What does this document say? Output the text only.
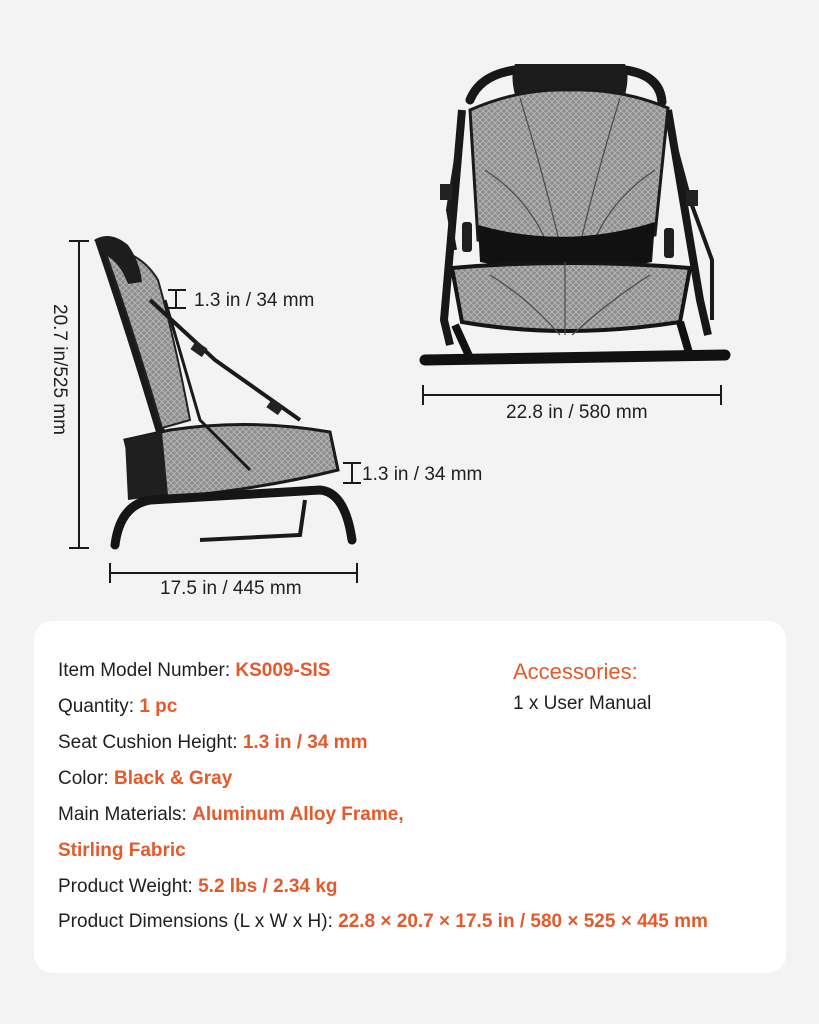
1.3 in / 34 mm
1.3 in / 34 mm
20.7 in/525 mm
17.5 in / 445 mm
22.8 in / 580 mm
Item Model Number: KS009-SIS
Quantity: 1 pc
Seat Cushion Height: 1.3 in / 34 mm
Color: Black & Gray
Main Materials: Aluminum Alloy Frame,
Stirling Fabric
Product Weight: 5.2 lbs / 2.34 kg
Product Dimensions (L x W x H): 22.8 × 20.7 × 17.5 in / 580 × 525 × 445 mm
Accessories:
1 x User Manual
